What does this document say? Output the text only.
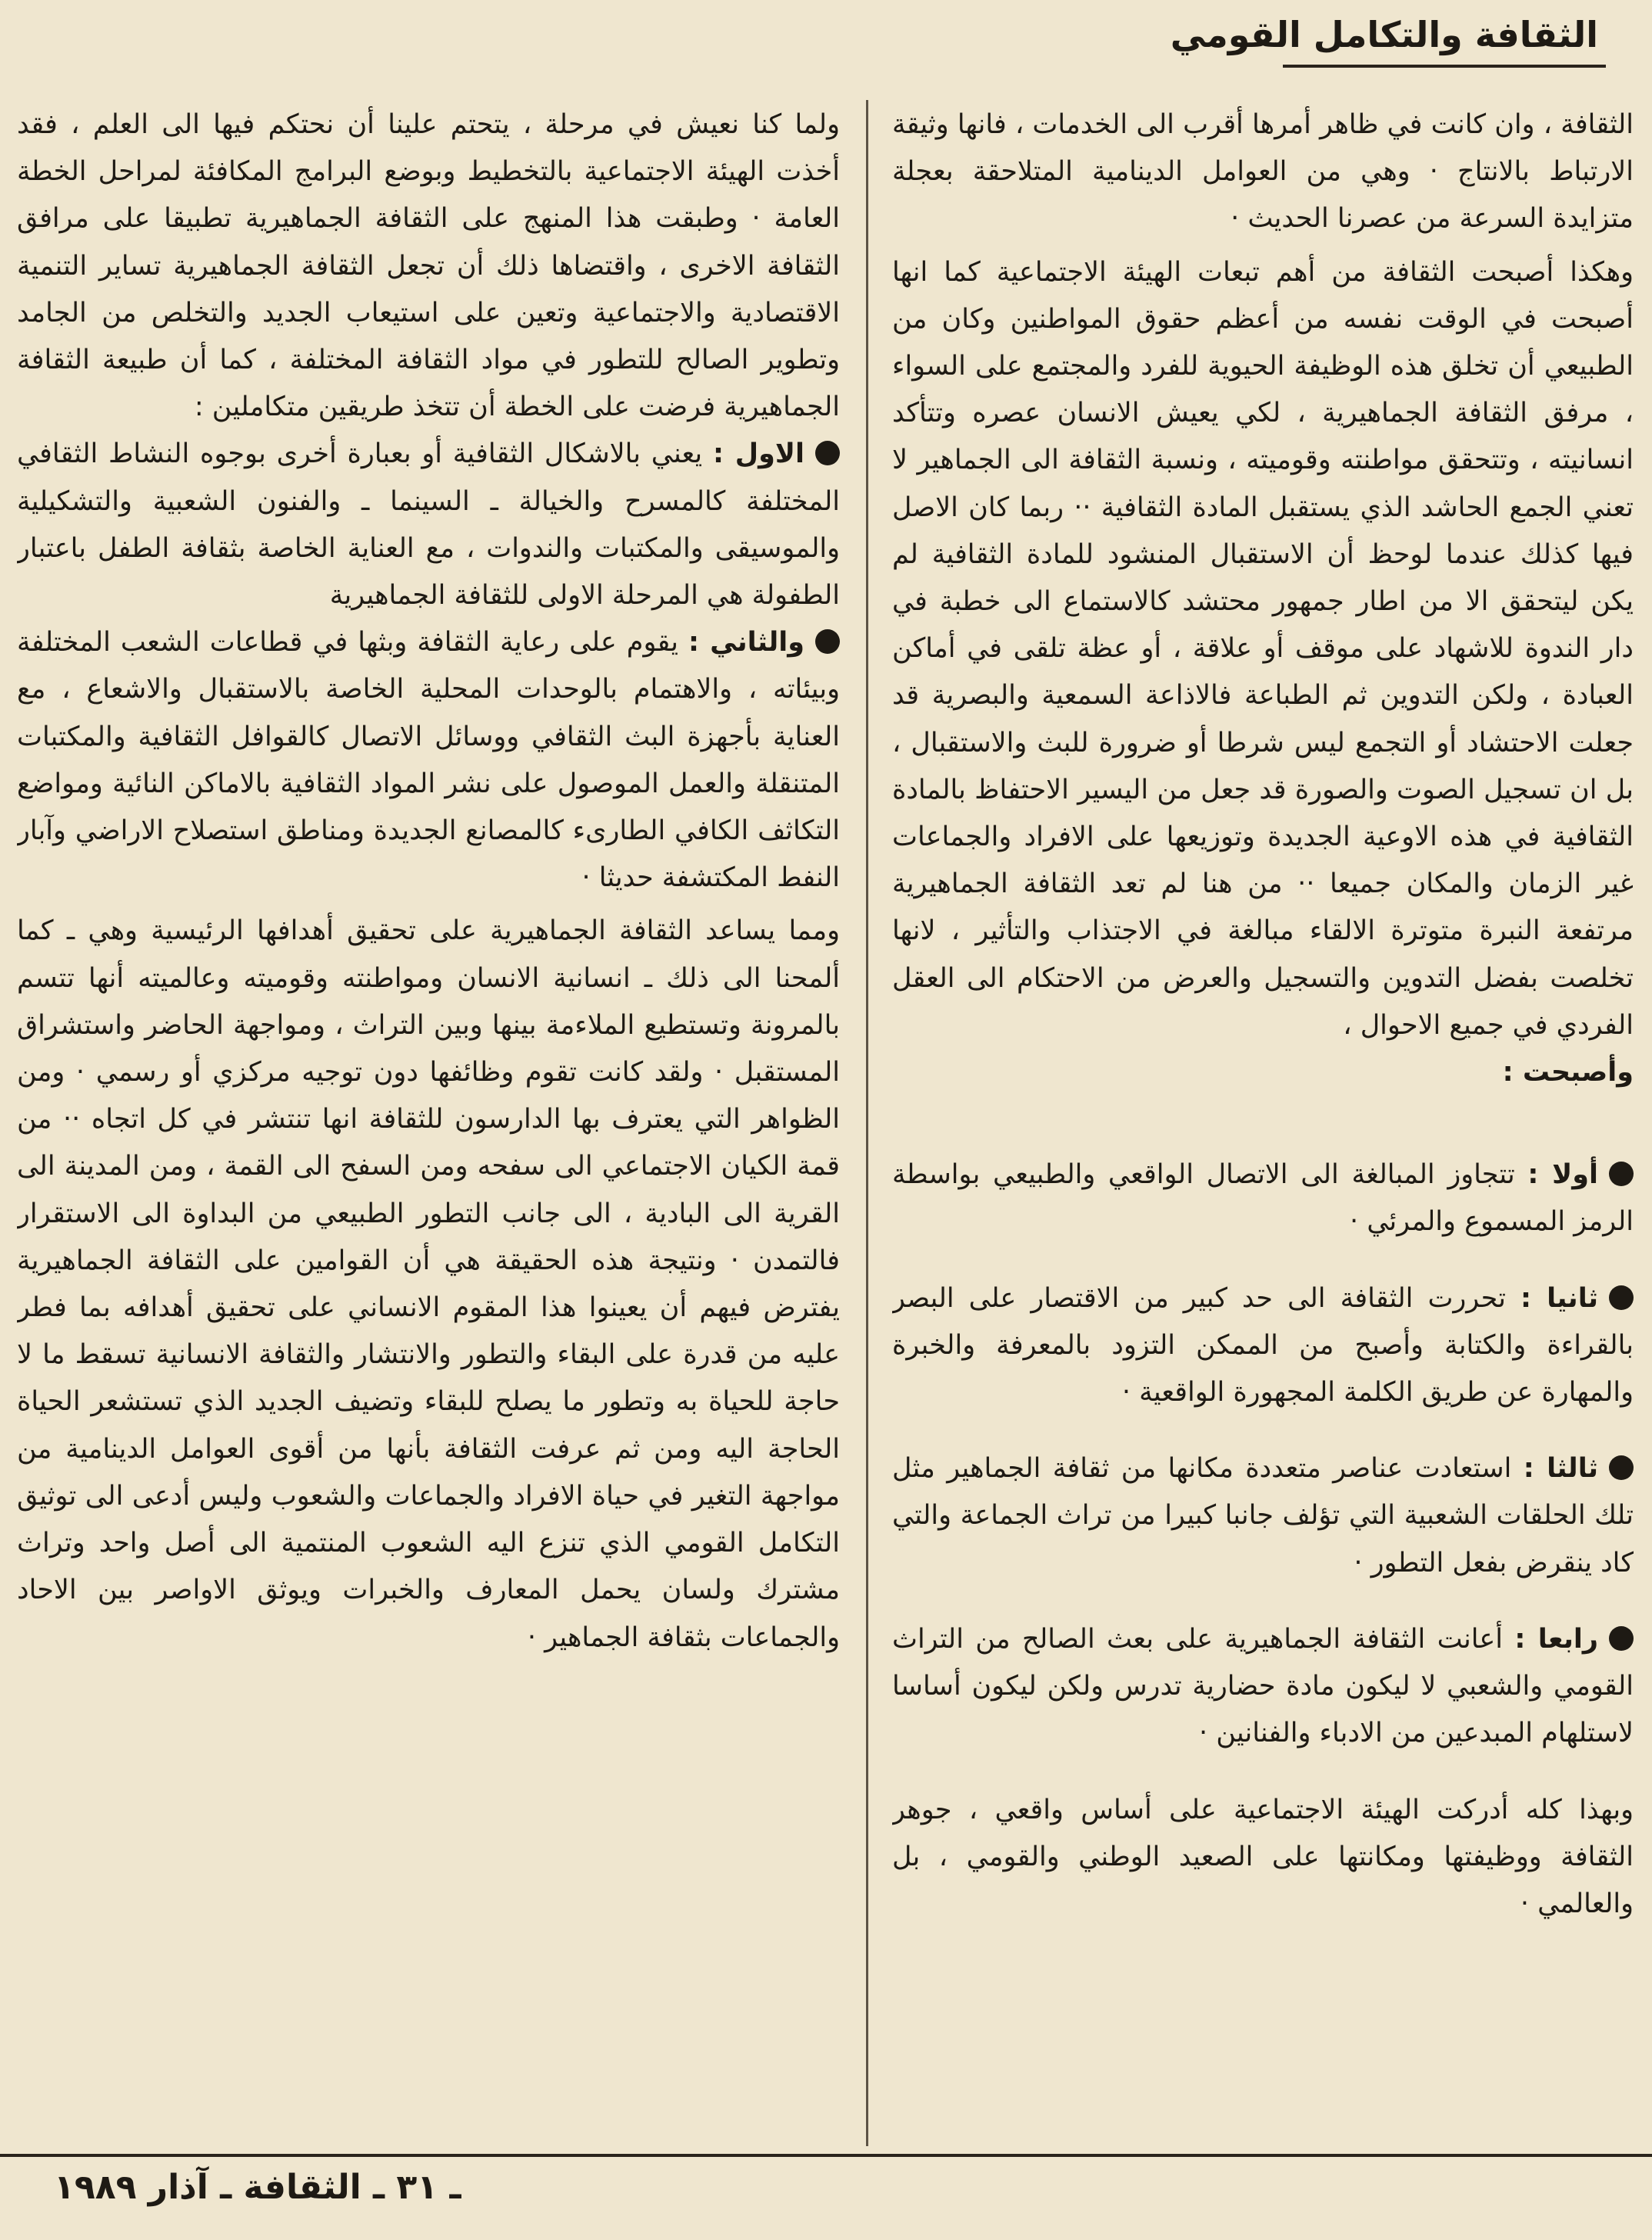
الثقافة والتكامل القومي

الثقافة ، وان كانت في ظاهر أمرها أقرب الى الخدمات ، فانها وثيقة الارتباط بالانتاج · وهي من العوامل الدينامية المتلاحقة بعجلة متزايدة السرعة من عصرنا الحديث ·

وهكذا أصبحت الثقافة من أهم تبعات الهيئة الاجتماعية كما انها أصبحت في الوقت نفسه من أعظم حقوق المواطنين وكان من الطبيعي أن تخلق هذه الوظيفة الحيوية للفرد والمجتمع على السواء ، مرفق الثقافة الجماهيرية ، لكي يعيش الانسان عصره وتتأكد انسانيته ، وتتحقق مواطنته وقوميته ، ونسبة الثقافة الى الجماهير لا تعني الجمع الحاشد الذي يستقبل المادة الثقافية ·· ربما كان الاصل فيها كذلك عندما لوحظ أن الاستقبال المنشود للمادة الثقافية لم يكن ليتحقق الا من اطار جمهور محتشد كالاستماع الى خطبة في دار الندوة للاشهاد على موقف أو علاقة ، أو عظة تلقى في أماكن العبادة ، ولكن التدوين ثم الطباعة فالاذاعة السمعية والبصرية قد جعلت الاحتشاد أو التجمع ليس شرطا أو ضرورة للبث والاستقبال ، بل ان تسجيل الصوت والصورة قد جعل من اليسير الاحتفاظ بالمادة الثقافية في هذه الاوعية الجديدة وتوزيعها على الافراد والجماعات غير الزمان والمكان جميعا ·· من هنا لم تعد الثقافة الجماهيرية مرتفعة النبرة متوترة الالقاء مبالغة في الاجتذاب والتأثير ، لانها تخلصت بفضل التدوين والتسجيل والعرض من الاحتكام الى العقل الفردي في جميع الاحوال ،

وأصبحت :

أولا : تتجاوز المبالغة الى الاتصال الواقعي والطبيعي بواسطة الرمز المسموع والمرئي ·

ثانيا : تحررت الثقافة الى حد كبير من الاقتصار على البصر بالقراءة والكتابة وأصبح من الممكن التزود بالمعرفة والخبرة والمهارة عن طريق الكلمة المجهورة الواقعية ·

ثالثا : استعادت عناصر متعددة مكانها من ثقافة الجماهير مثل تلك الحلقات الشعبية التي تؤلف جانبا كبيرا من تراث الجماعة والتي كاد ينقرض بفعل التطور ·

رابعا : أعانت الثقافة الجماهيرية على بعث الصالح من التراث القومي والشعبي لا ليكون مادة حضارية تدرس ولكن ليكون أساسا لاستلهام المبدعين من الادباء والفنانين ·

وبهذا كله أدركت الهيئة الاجتماعية على أساس واقعي ، جوهر الثقافة ووظيفتها ومكانتها على الصعيد الوطني والقومي ، بل والعالمي ·

ولما كنا نعيش في مرحلة ، يتحتم علينا أن نحتكم فيها الى العلم ، فقد أخذت الهيئة الاجتماعية بالتخطيط وبوضع البرامج المكافئة لمراحل الخطة العامة · وطبقت هذا المنهج على الثقافة الجماهيرية تطبيقا على مرافق الثقافة الاخرى ، واقتضاها ذلك أن تجعل الثقافة الجماهيرية تساير التنمية الاقتصادية والاجتماعية وتعين على استيعاب الجديد والتخلص من الجامد وتطوير الصالح للتطور في مواد الثقافة المختلفة ، كما أن طبيعة الثقافة الجماهيرية فرضت على الخطة أن تتخذ طريقين متكاملين :

الاول : يعني بالاشكال الثقافية أو بعبارة أخرى بوجوه النشاط الثقافي المختلفة كالمسرح والخيالة ـ السينما ـ والفنون الشعبية والتشكيلية والموسيقى والمكتبات والندوات ، مع العناية الخاصة بثقافة الطفل باعتبار الطفولة هي المرحلة الاولى للثقافة الجماهيرية

والثاني : يقوم على رعاية الثقافة وبثها في قطاعات الشعب المختلفة وبيئاته ، والاهتمام بالوحدات المحلية الخاصة بالاستقبال والاشعاع ، مع العناية بأجهزة البث الثقافي ووسائل الاتصال كالقوافل الثقافية والمكتبات المتنقلة والعمل الموصول على نشر المواد الثقافية بالاماكن النائية ومواضع التكاثف الكافي الطارىء كالمصانع الجديدة ومناطق استصلاح الاراضي وآبار النفط المكتشفة حديثا ·

ومما يساعد الثقافة الجماهيرية على تحقيق أهدافها الرئيسية وهي ـ كما ألمحنا الى ذلك ـ انسانية الانسان ومواطنته وقوميته وعالميته أنها تتسم بالمرونة وتستطيع الملاءمة بينها وبين التراث ، ومواجهة الحاضر واستشراق المستقبل · ولقد كانت تقوم وظائفها دون توجيه مركزي أو رسمي · ومن الظواهر التي يعترف بها الدارسون للثقافة انها تنتشر في كل اتجاه ·· من قمة الكيان الاجتماعي الى سفحه ومن السفح الى القمة ، ومن المدينة الى القرية الى البادية ، الى جانب التطور الطبيعي من البداوة الى الاستقرار فالتمدن · ونتيجة هذه الحقيقة هي أن القوامين على الثقافة الجماهيرية يفترض فيهم أن يعينوا هذا المقوم الانساني على تحقيق أهدافه بما فطر عليه من قدرة على البقاء والتطور والانتشار والثقافة الانسانية تسقط ما لا حاجة للحياة به وتطور ما يصلح للبقاء وتضيف الجديد الذي تستشعر الحياة الحاجة اليه ومن ثم عرفت الثقافة بأنها من أقوى العوامل الدينامية من مواجهة التغير في حياة الافراد والجماعات والشعوب وليس أدعى الى توثيق التكامل القومي الذي تنزع اليه الشعوب المنتمية الى أصل واحد وتراث مشترك ولسان يحمل المعارف والخبرات ويوثق الاواصر بين الاحاد والجماعات بثقافة الجماهير ·

ـ ٣١ ـ الثقافة ـ آذار ١٩٨٩
